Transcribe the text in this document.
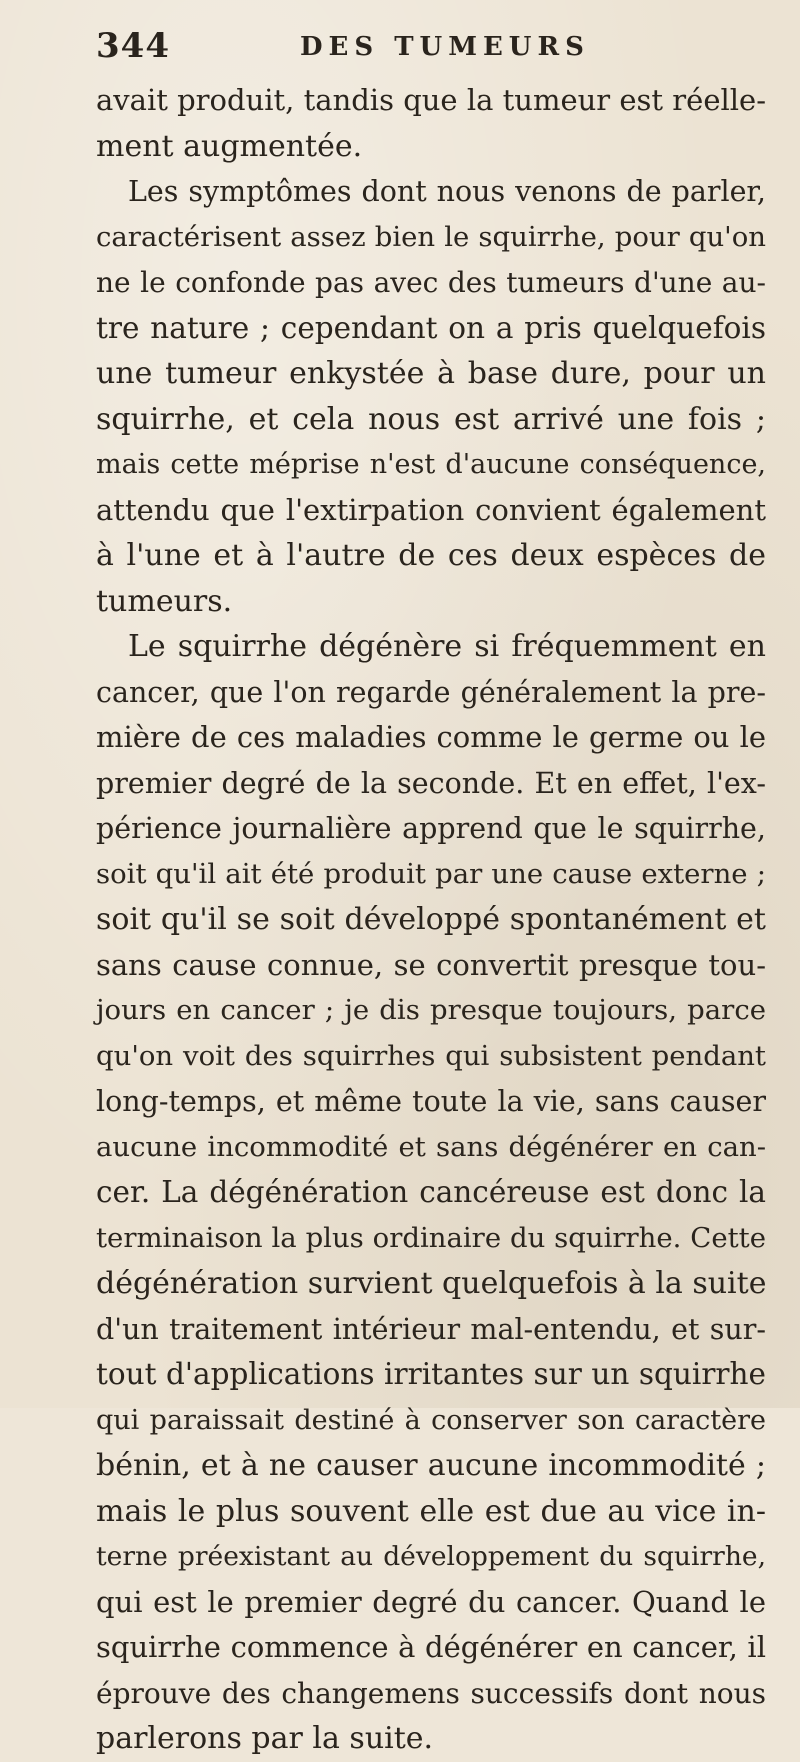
344	DES TUMEURS
avait produit, tandis que la tumeur est réelle-
ment augmentée.
Les symptômes dont nous venons de parler,
caractérisent assez bien le squirrhe, pour qu'on
ne le confonde pas avec des tumeurs d'une au-
tre nature ; cependant on a pris quelquefois
une tumeur enkystée à base dure, pour un
squirrhe, et cela nous est arrivé une fois ;
mais cette méprise n'est d'aucune conséquence,
attendu que l'extirpation convient également
à l'une et à l'autre de ces deux espèces de
tumeurs.
Le squirrhe dégénère si fréquemment en
cancer, que l'on regarde généralement la pre-
mière de ces maladies comme le germe ou le
premier degré de la seconde. Et en effet, l'ex-
périence journalière apprend que le squirrhe,
soit qu'il ait été produit par une cause externe ;
soit qu'il se soit développé spontanément et
sans cause connue, se convertit presque tou-
jours en cancer ; je dis presque toujours, parce
qu'on voit des squirrhes qui subsistent pendant
long-temps, et même toute la vie, sans causer
aucune incommodité et sans dégénérer en can-
cer. La dégénération cancéreuse est donc la
terminaison la plus ordinaire du squirrhe. Cette
dégénération survient quelquefois à la suite
d'un traitement intérieur mal-entendu, et sur-
tout d'applications irritantes sur un squirrhe
qui paraissait destiné à conserver son caractère
bénin, et à ne causer aucune incommodité ;
mais le plus souvent elle est due au vice in-
terne préexistant au développement du squirrhe,
qui est le premier degré du cancer. Quand le
squirrhe commence à dégénérer en cancer, il
éprouve des changemens successifs dont nous
parlerons par la suite.
